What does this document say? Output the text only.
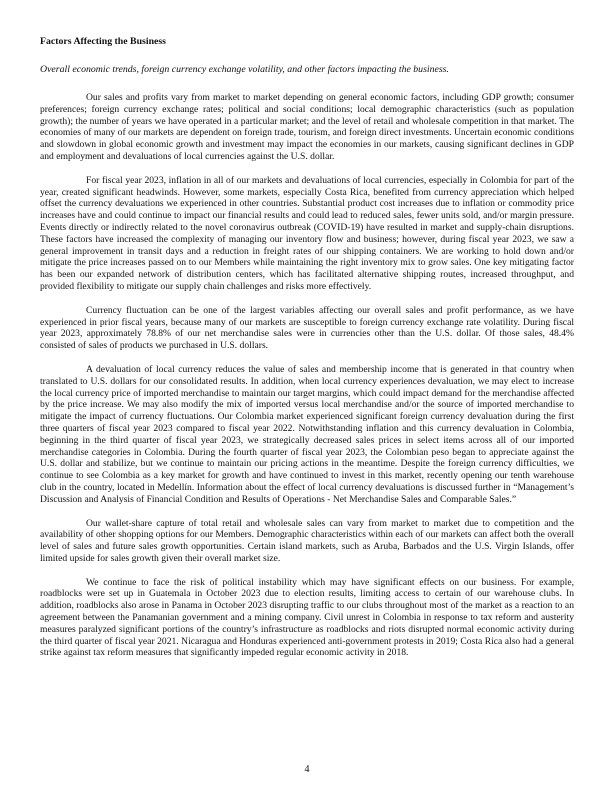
Factors Affecting the Business
Overall economic trends, foreign currency exchange volatility, and other factors impacting the business.

Our sales and profits vary from market to market depending on general economic factors, including GDP growth; consumer preferences; foreign currency exchange rates; political and social conditions; local demographic characteristics (such as population growth); the number of years we have operated in a particular market; and the level of retail and wholesale competition in that market. The economies of many of our markets are dependent on foreign trade, tourism, and foreign direct investments. Uncertain economic conditions and slowdown in global economic growth and investment may impact the economies in our markets, causing significant declines in GDP and employment and devaluations of local currencies against the U.S. dollar.

For fiscal year 2023, inflation in all of our markets and devaluations of local currencies, especially in Colombia for part of the year, created significant headwinds. However, some markets, especially Costa Rica, benefited from currency appreciation which helped offset the currency devaluations we experienced in other countries. Substantial product cost increases due to inflation or commodity price increases have and could continue to impact our financial results and could lead to reduced sales, fewer units sold, and/or margin pressure. Events directly or indirectly related to the novel coronavirus outbreak (COVID-19) have resulted in market and supply-chain disruptions. These factors have increased the complexity of managing our inventory flow and business; however, during fiscal year 2023, we saw a general improvement in transit days and a reduction in freight rates of our shipping containers. We are working to hold down and/or mitigate the price increases passed on to our Members while maintaining the right inventory mix to grow sales. One key mitigating factor has been our expanded network of distribution centers, which has facilitated alternative shipping routes, increased throughput, and provided flexibility to mitigate our supply chain challenges and risks more effectively.

Currency fluctuation can be one of the largest variables affecting our overall sales and profit performance, as we have experienced in prior fiscal years, because many of our markets are susceptible to foreign currency exchange rate volatility. During fiscal year 2023, approximately 78.8% of our net merchandise sales were in currencies other than the U.S. dollar. Of those sales, 48.4% consisted of sales of products we purchased in U.S. dollars.

A devaluation of local currency reduces the value of sales and membership income that is generated in that country when translated to U.S. dollars for our consolidated results. In addition, when local currency experiences devaluation, we may elect to increase the local currency price of imported merchandise to maintain our target margins, which could impact demand for the merchandise affected by the price increase. We may also modify the mix of imported versus local merchandise and/or the source of imported merchandise to mitigate the impact of currency fluctuations. Our Colombia market experienced significant foreign currency devaluation during the first three quarters of fiscal year 2023 compared to fiscal year 2022. Notwithstanding inflation and this currency devaluation in Colombia, beginning in the third quarter of fiscal year 2023, we strategically decreased sales prices in select items across all of our imported merchandise categories in Colombia. During the fourth quarter of fiscal year 2023, the Colombian peso began to appreciate against the U.S. dollar and stabilize, but we continue to maintain our pricing actions in the meantime. Despite the foreign currency difficulties, we continue to see Colombia as a key market for growth and have continued to invest in this market, recently opening our tenth warehouse club in the country, located in Medellín. Information about the effect of local currency devaluations is discussed further in “Management’s Discussion and Analysis of Financial Condition and Results of Operations - Net Merchandise Sales and Comparable Sales.”

Our wallet-share capture of total retail and wholesale sales can vary from market to market due to competition and the availability of other shopping options for our Members. Demographic characteristics within each of our markets can affect both the overall level of sales and future sales growth opportunities. Certain island markets, such as Aruba, Barbados and the U.S. Virgin Islands, offer limited upside for sales growth given their overall market size.

We continue to face the risk of political instability which may have significant effects on our business. For example, roadblocks were set up in Guatemala in October 2023 due to election results, limiting access to certain of our warehouse clubs. In addition, roadblocks also arose in Panama in October 2023 disrupting traffic to our clubs throughout most of the market as a reaction to an agreement between the Panamanian government and a mining company. Civil unrest in Colombia in response to tax reform and austerity measures paralyzed significant portions of the country’s infrastructure as roadblocks and riots disrupted normal economic activity during the third quarter of fiscal year 2021. Nicaragua and Honduras experienced anti-government protests in 2019; Costa Rica also had a general strike against tax reform measures that significantly impeded regular economic activity in 2018.

4
